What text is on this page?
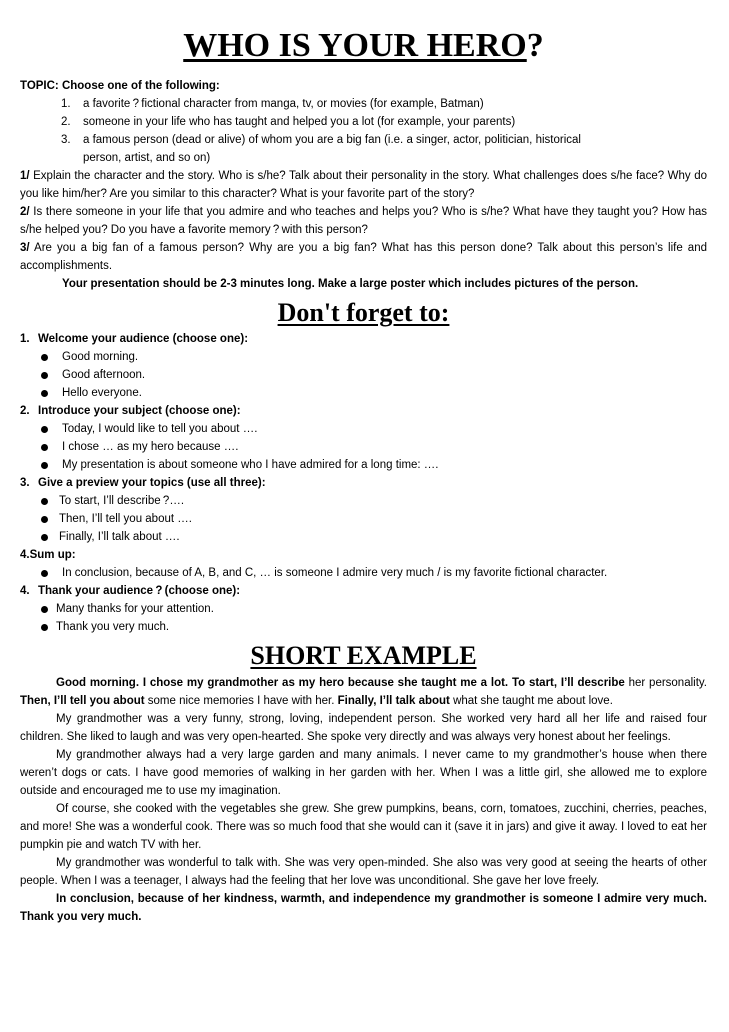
WHO IS YOUR HERO?

TOPIC: Choose one of the following:

1.	a favorite ? fictional character from manga, tv, or movies (for example, Batman)
2.	someone in your life who has taught and helped you a lot (for example, your parents)
3.	a famous person (dead or alive) of whom you are a big fan (i.e. a singer, actor, politician, historical
person, artist, and so on)

1/ Explain the character and the story. Who is s/he? Talk about their personality in the story. What challenges does s/he face? Why do you like him/her? Are you similar to this character? What is your favorite part of the story?

2/ Is there someone in your life that you admire and who teaches and helps you? Who is s/he? What have they taught you? How has s/he helped you? Do you have a favorite memory ? with this person?

3/ Are you a big fan of a famous person? Why are you a big fan? What has this person done? Talk about this person’s life and accomplishments.

Your presentation should be 2-3 minutes long. Make a large poster which includes pictures of the person.

Don't forget to:
1. Welcome your audience (choose one):
Good morning.
Good afternoon.
Hello everyone.
2. Introduce your subject (choose one):
Today, I would like to tell you about ….
I chose … as my hero because ….
My presentation is about someone who I have admired for a long time: ….
3. Give a preview your topics (use all three):
To start, I’ll describe ?….
Then, I’ll tell you about ….
Finally, I’ll talk about ….
4. Sum up:
In conclusion, because of A, B, and C, … is someone I admire very much / is my favorite fictional character.
4. Thank your audience ? (choose one):
Many thanks for your attention.
Thank you very much.
SHORT EXAMPLE

Good morning. I chose my grandmother as my hero because she taught me a lot. To start, I’ll describe her personality. Then, I’ll tell you about some nice memories I have with her. Finally, I’ll talk about what she taught me about love.

My grandmother was a very funny, strong, loving, independent person. She worked very hard all her life and raised four children. She liked to laugh and was very open-hearted. She spoke very directly and was always very honest about her feelings.

My grandmother always had a very large garden and many animals. I never came to my grandmother’s house when there weren’t dogs or cats. I have good memories of walking in her garden with her. When I was a little girl, she allowed me to explore outside and encouraged me to use my imagination.

Of course, she cooked with the vegetables she grew. She grew pumpkins, beans, corn, tomatoes, zucchini, cherries, peaches, and more! She was a wonderful cook. There was so much food that she would can it (save it in jars) and give it away. I loved to eat her pumpkin pie and watch TV with her.

My grandmother was wonderful to talk with. She was very open-minded. She also was very good at seeing the hearts of other people. When I was a teenager, I always had the feeling that her love was unconditional. She gave her love freely.

In conclusion, because of her kindness, warmth, and independence my grandmother is someone I admire very much. Thank you very much.
